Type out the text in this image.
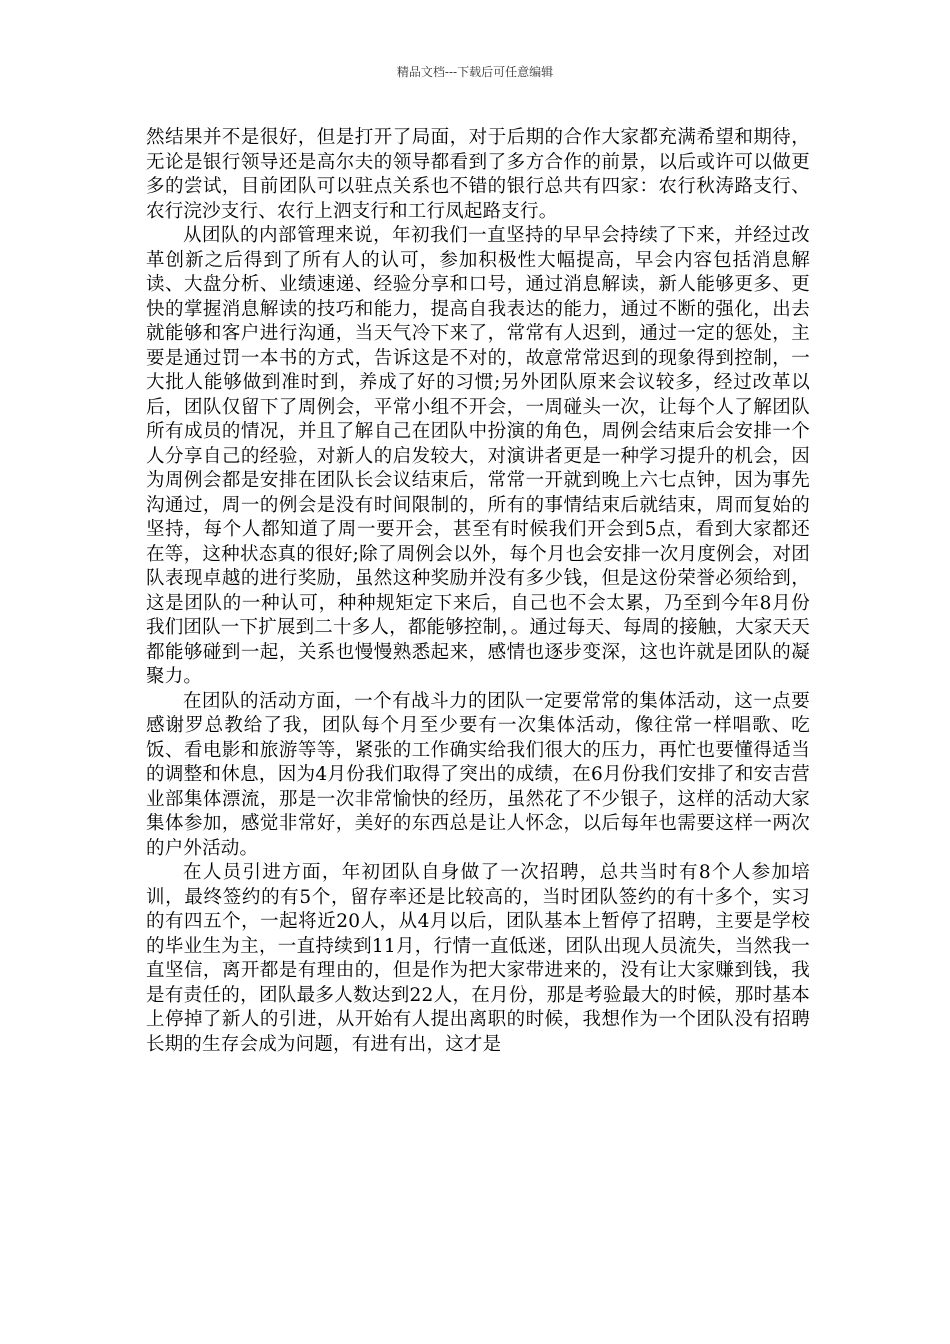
精品文档---下载后可任意编辑

然结果并不是很好，但是打开了局面，对于后期的合作大家都充满希望和期待，无论是银行领导还是高尔夫的领导都看到了多方合作的前景，以后或许可以做更多的尝试，目前团队可以驻点关系也不错的银行总共有四家：农行秋涛路支行、农行浣沙支行、农行上泗支行和工行凤起路支行。

从团队的内部管理来说，年初我们一直坚持的早早会持续了下来，并经过改革创新之后得到了所有人的认可，参加积极性大幅提高，早会内容包括消息解读、大盘分析、业绩速递、经验分享和口号，通过消息解读，新人能够更多、更快的掌握消息解读的技巧和能力，提高自我表达的能力，通过不断的强化，出去就能够和客户进行沟通，当天气冷下来了，常常有人迟到，通过一定的惩处，主要是通过罚一本书的方式，告诉这是不对的，故意常常迟到的现象得到控制，一大批人能够做到准时到，养成了好的习惯;另外团队原来会议较多，经过改革以后，团队仅留下了周例会，平常小组不开会，一周碰头一次，让每个人了解团队所有成员的情况，并且了解自己在团队中扮演的角色，周例会结束后会安排一个人分享自己的经验，对新人的启发较大，对演讲者更是一种学习提升的机会，因为周例会都是安排在团队长会议结束后，常常一开就到晚上六七点钟，因为事先沟通过，周一的例会是没有时间限制的，所有的事情结束后就结束，周而复始的坚持，每个人都知道了周一要开会，甚至有时候我们开会到5点，看到大家都还在等，这种状态真的很好;除了周例会以外，每个月也会安排一次月度例会，对团队表现卓越的进行奖励，虽然这种奖励并没有多少钱，但是这份荣誉必须给到，这是团队的一种认可，种种规矩定下来后，自己也不会太累，乃至到今年8月份我们团队一下扩展到二十多人，都能够控制，。通过每天、每周的接触，大家天天都能够碰到一起，关系也慢慢熟悉起来，感情也逐步变深，这也许就是团队的凝聚力。

在团队的活动方面，一个有战斗力的团队一定要常常的集体活动，这一点要感谢罗总教给了我，团队每个月至少要有一次集体活动，像往常一样唱歌、吃饭、看电影和旅游等等，紧张的工作确实给我们很大的压力，再忙也要懂得适当的调整和休息，因为4月份我们取得了突出的成绩，在6月份我们安排了和安吉营业部集体漂流，那是一次非常愉快的经历，虽然花了不少银子，这样的活动大家集体参加，感觉非常好，美好的东西总是让人怀念，以后每年也需要这样一两次的户外活动。

在人员引进方面，年初团队自身做了一次招聘，总共当时有8个人参加培训，最终签约的有5个，留存率还是比较高的，当时团队签约的有十多个，实习的有四五个，一起将近20人，从4月以后，团队基本上暂停了招聘，主要是学校的毕业生为主，一直持续到11月，行情一直低迷，团队出现人员流失，当然我一直坚信，离开都是有理由的，但是作为把大家带进来的，没有让大家赚到钱，我是有责任的，团队最多人数达到22人，在月份，那是考验最大的时候，那时基本上停掉了新人的引进，从开始有人提出离职的时候，我想作为一个团队没有招聘长期的生存会成为问题，有进有出，这才是
